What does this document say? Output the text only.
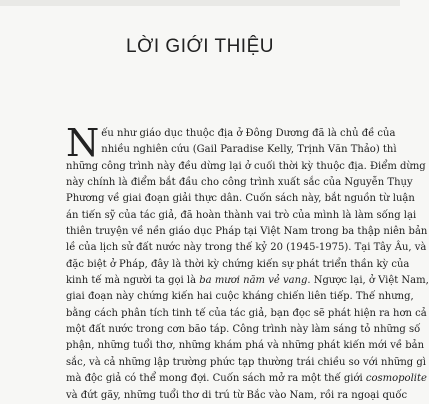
LỜI GIỚI THIỆU

N ếu như giáo dục thuộc địa ở Đông Dương đã là chủ đề của
nhiều nghiên cứu (Gail Paradise Kelly, Trịnh Văn Thảo) thì
những công trình này đều dừng lại ở cuối thời kỳ thuộc địa. Điểm dừng
này chính là điểm bắt đầu cho công trình xuất sắc của Nguyễn Thụy
Phương về giai đoạn giải thực dân. Cuốn sách này, bắt nguồn từ luận
án tiến sỹ của tác giả, đã hoàn thành vai trò của mình là làm sống lại
thiên truyện về nền giáo dục Pháp tại Việt Nam trong ba thập niên bản
lề của lịch sử đất nước này trong thế kỷ 20 (1945-1975). Tại Tây Âu, và
đặc biệt ở Pháp, đây là thời kỳ chứng kiến sự phát triển thần kỳ của
kinh tế mà người ta gọi là ba mươi năm vẻ vang. Ngược lại, ở Việt Nam,
giai đoạn này chứng kiến hai cuộc kháng chiến liên tiếp. Thế nhưng,
bằng cách phân tích tinh tế của tác giả, bạn đọc sẽ phát hiện ra hơn cả
một đất nước trong cơn bão táp. Công trình này làm sáng tỏ những số
phận, những tuổi thơ, những khám phá và những phát kiến mới về bản
sắc, và cả những lập trường phức tạp thường trái chiều so với những gì
mà độc giả có thể mong đợi. Cuốn sách mở ra một thế giới cosmopolite
và đứt gãy, những tuổi thơ di trú từ Bắc vào Nam, rồi ra ngoại quốc
